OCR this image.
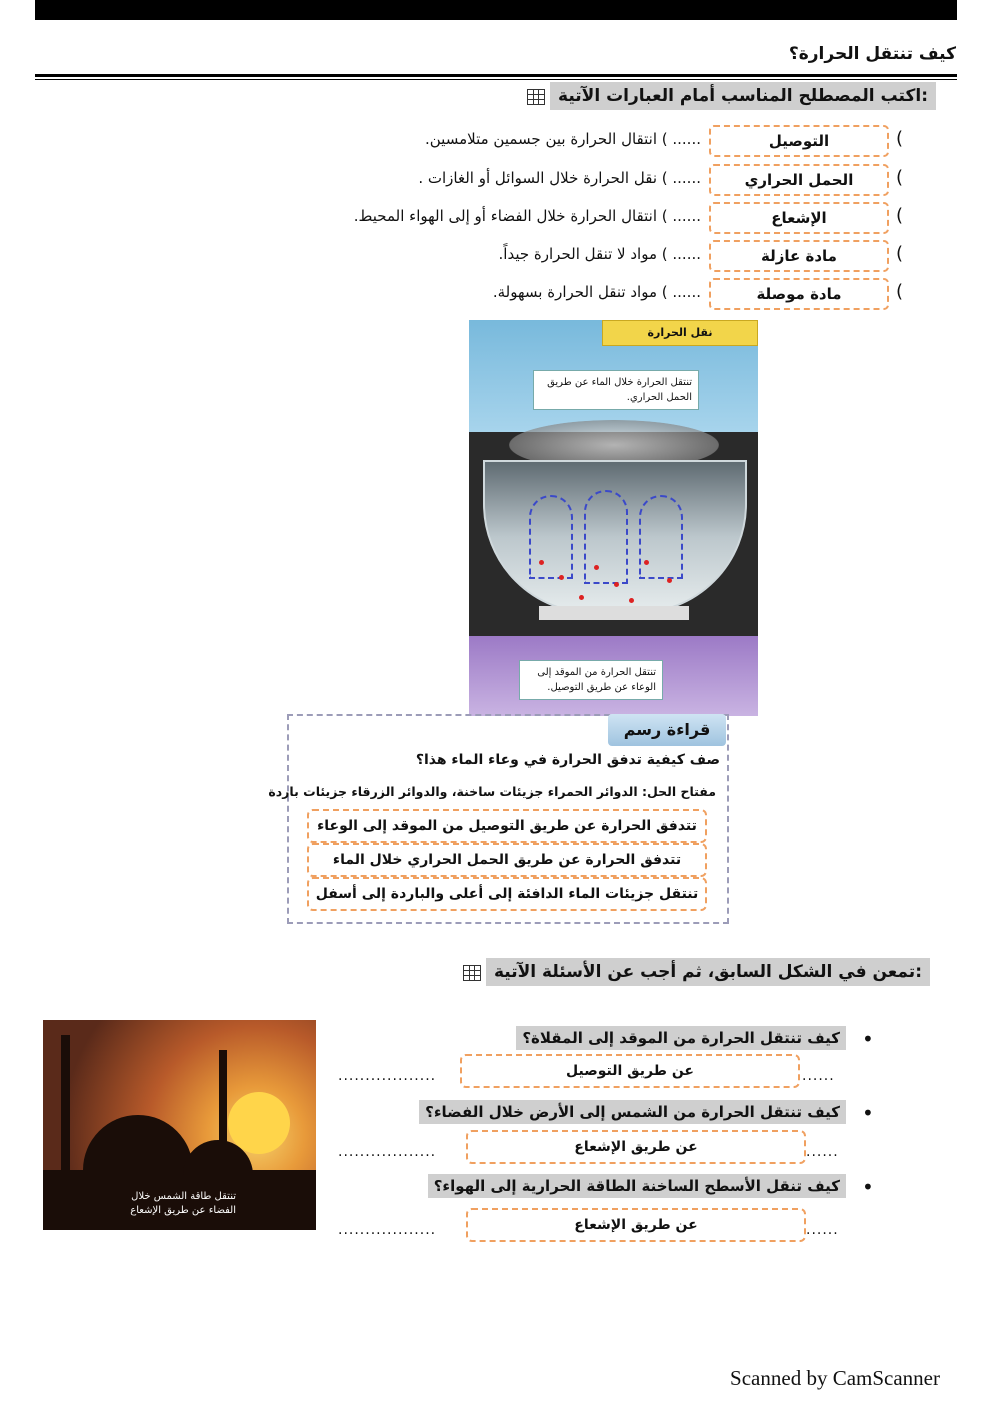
كيف تنتقل الحرارة؟
اكتب المصطلح المناسب أمام العبارات الآتية:
(
التوصيل
...... ) انتقال الحرارة بين جسمين متلامسين.
(
الحمل الحراري
...... ) نقل الحرارة خلال السوائل أو الغازات .
(
الإشعاع
...... ) انتقال الحرارة خلال الفضاء أو إلى الهواء المحيط.
(
مادة عازلة
...... ) مواد لا تنقل الحرارة جيداً.
(
مادة موصلة
...... ) مواد تنقل الحرارة بسهولة.
نقل الحرارة
تنتقل الحرارة خلال الماء عن طريق الحمل الحراري.
تنتقل الحرارة من الموقد إلى الوعاء عن طريق التوصيل.
قراءة رسم
صف كيفية تدفق الحرارة في وعاء الماء هذا؟
مفتاح الحل: الدوائر الحمراء جزيئات ساخنة، والدوائر الزرقاء جزيئات باردة
تتدفق الحرارة عن طريق التوصيل من الموقد إلى الوعاء
تتدفق الحرارة عن طريق الحمل الحراري خلال الماء
تنتقل جزيئات الماء الدافئة إلى أعلى والباردة إلى أسفل
تمعن في الشكل السابق، ثم أجب عن الأسئلة الآتية:
تنتقل طاقة الشمس خلال الفضاء عن طريق الإشعاع
•
كيف تنتقل الحرارة من الموقد إلى المقلاة؟
..................	عن طريق التوصيل	......
•
كيف تنتقل الحرارة من الشمس إلى الأرض خلال الفضاء؟
..................	عن طريق الإشعاع	......
•
كيف تنقل الأسطح الساخنة الطاقة الحرارية إلى الهواء؟
..................	عن طريق الإشعاع	......
Scanned by CamScanner
